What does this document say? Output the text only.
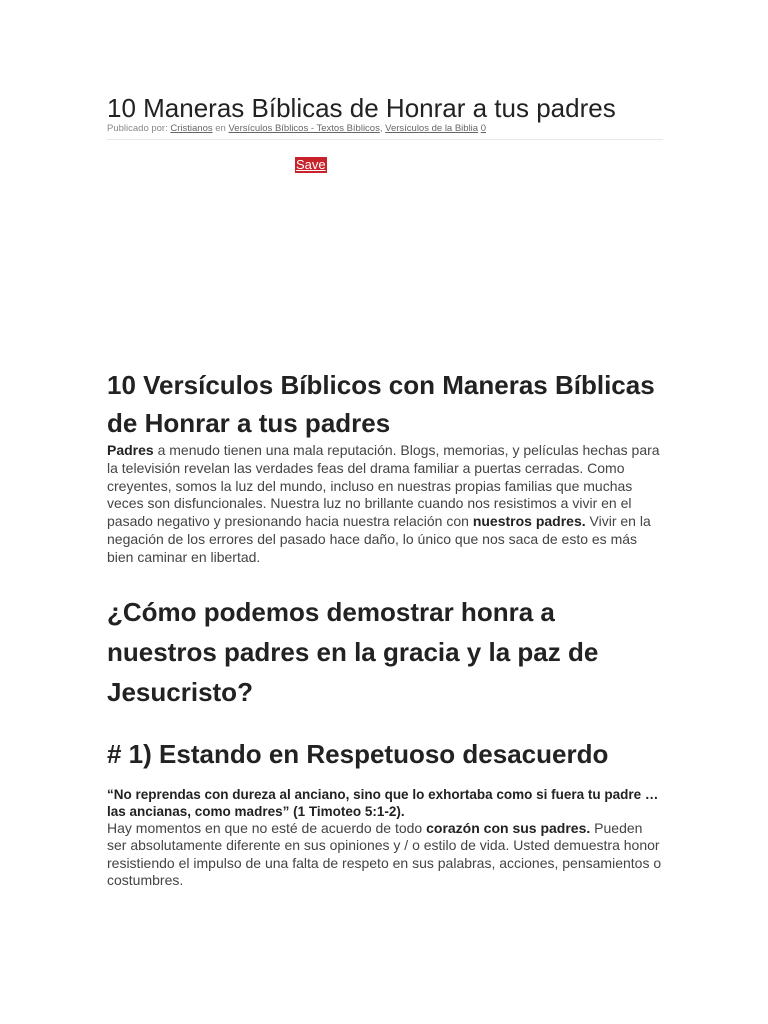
10 Maneras Bíblicas de Honrar a tus padres
Publicado por: Cristianos en Versículos Bíblicos - Textos Bíblicos, Versículos de la Biblia 0
Save
10 Versículos Bíblicos con Maneras Bíblicas de Honrar a tus padres

Padres a menudo tienen una mala reputación. Blogs, memorias, y películas hechas para la televisión revelan las verdades feas del drama familiar a puertas cerradas. Como creyentes, somos la luz del mundo, incluso en nuestras propias familias que muchas veces son disfuncionales. Nuestra luz no brillante cuando nos resistimos a vivir en el pasado negativo y presionando hacia nuestra relación con nuestros padres. Vivir en la negación de los errores del pasado hace daño, lo único que nos saca de esto es más bien caminar en libertad.

¿Cómo podemos demostrar honra a nuestros padres en la gracia y la paz de Jesucristo?
# 1) Estando en Respetuoso desacuerdo

“No reprendas con dureza al anciano, sino que lo exhortaba como si fuera tu padre … las ancianas, como madres” (1 Timoteo 5:1-2).

Hay momentos en que no esté de acuerdo de todo corazón con sus padres. Pueden ser absolutamente diferente en sus opiniones y / o estilo de vida. Usted demuestra honor resistiendo el impulso de una falta de respeto en sus palabras, acciones, pensamientos o costumbres.
